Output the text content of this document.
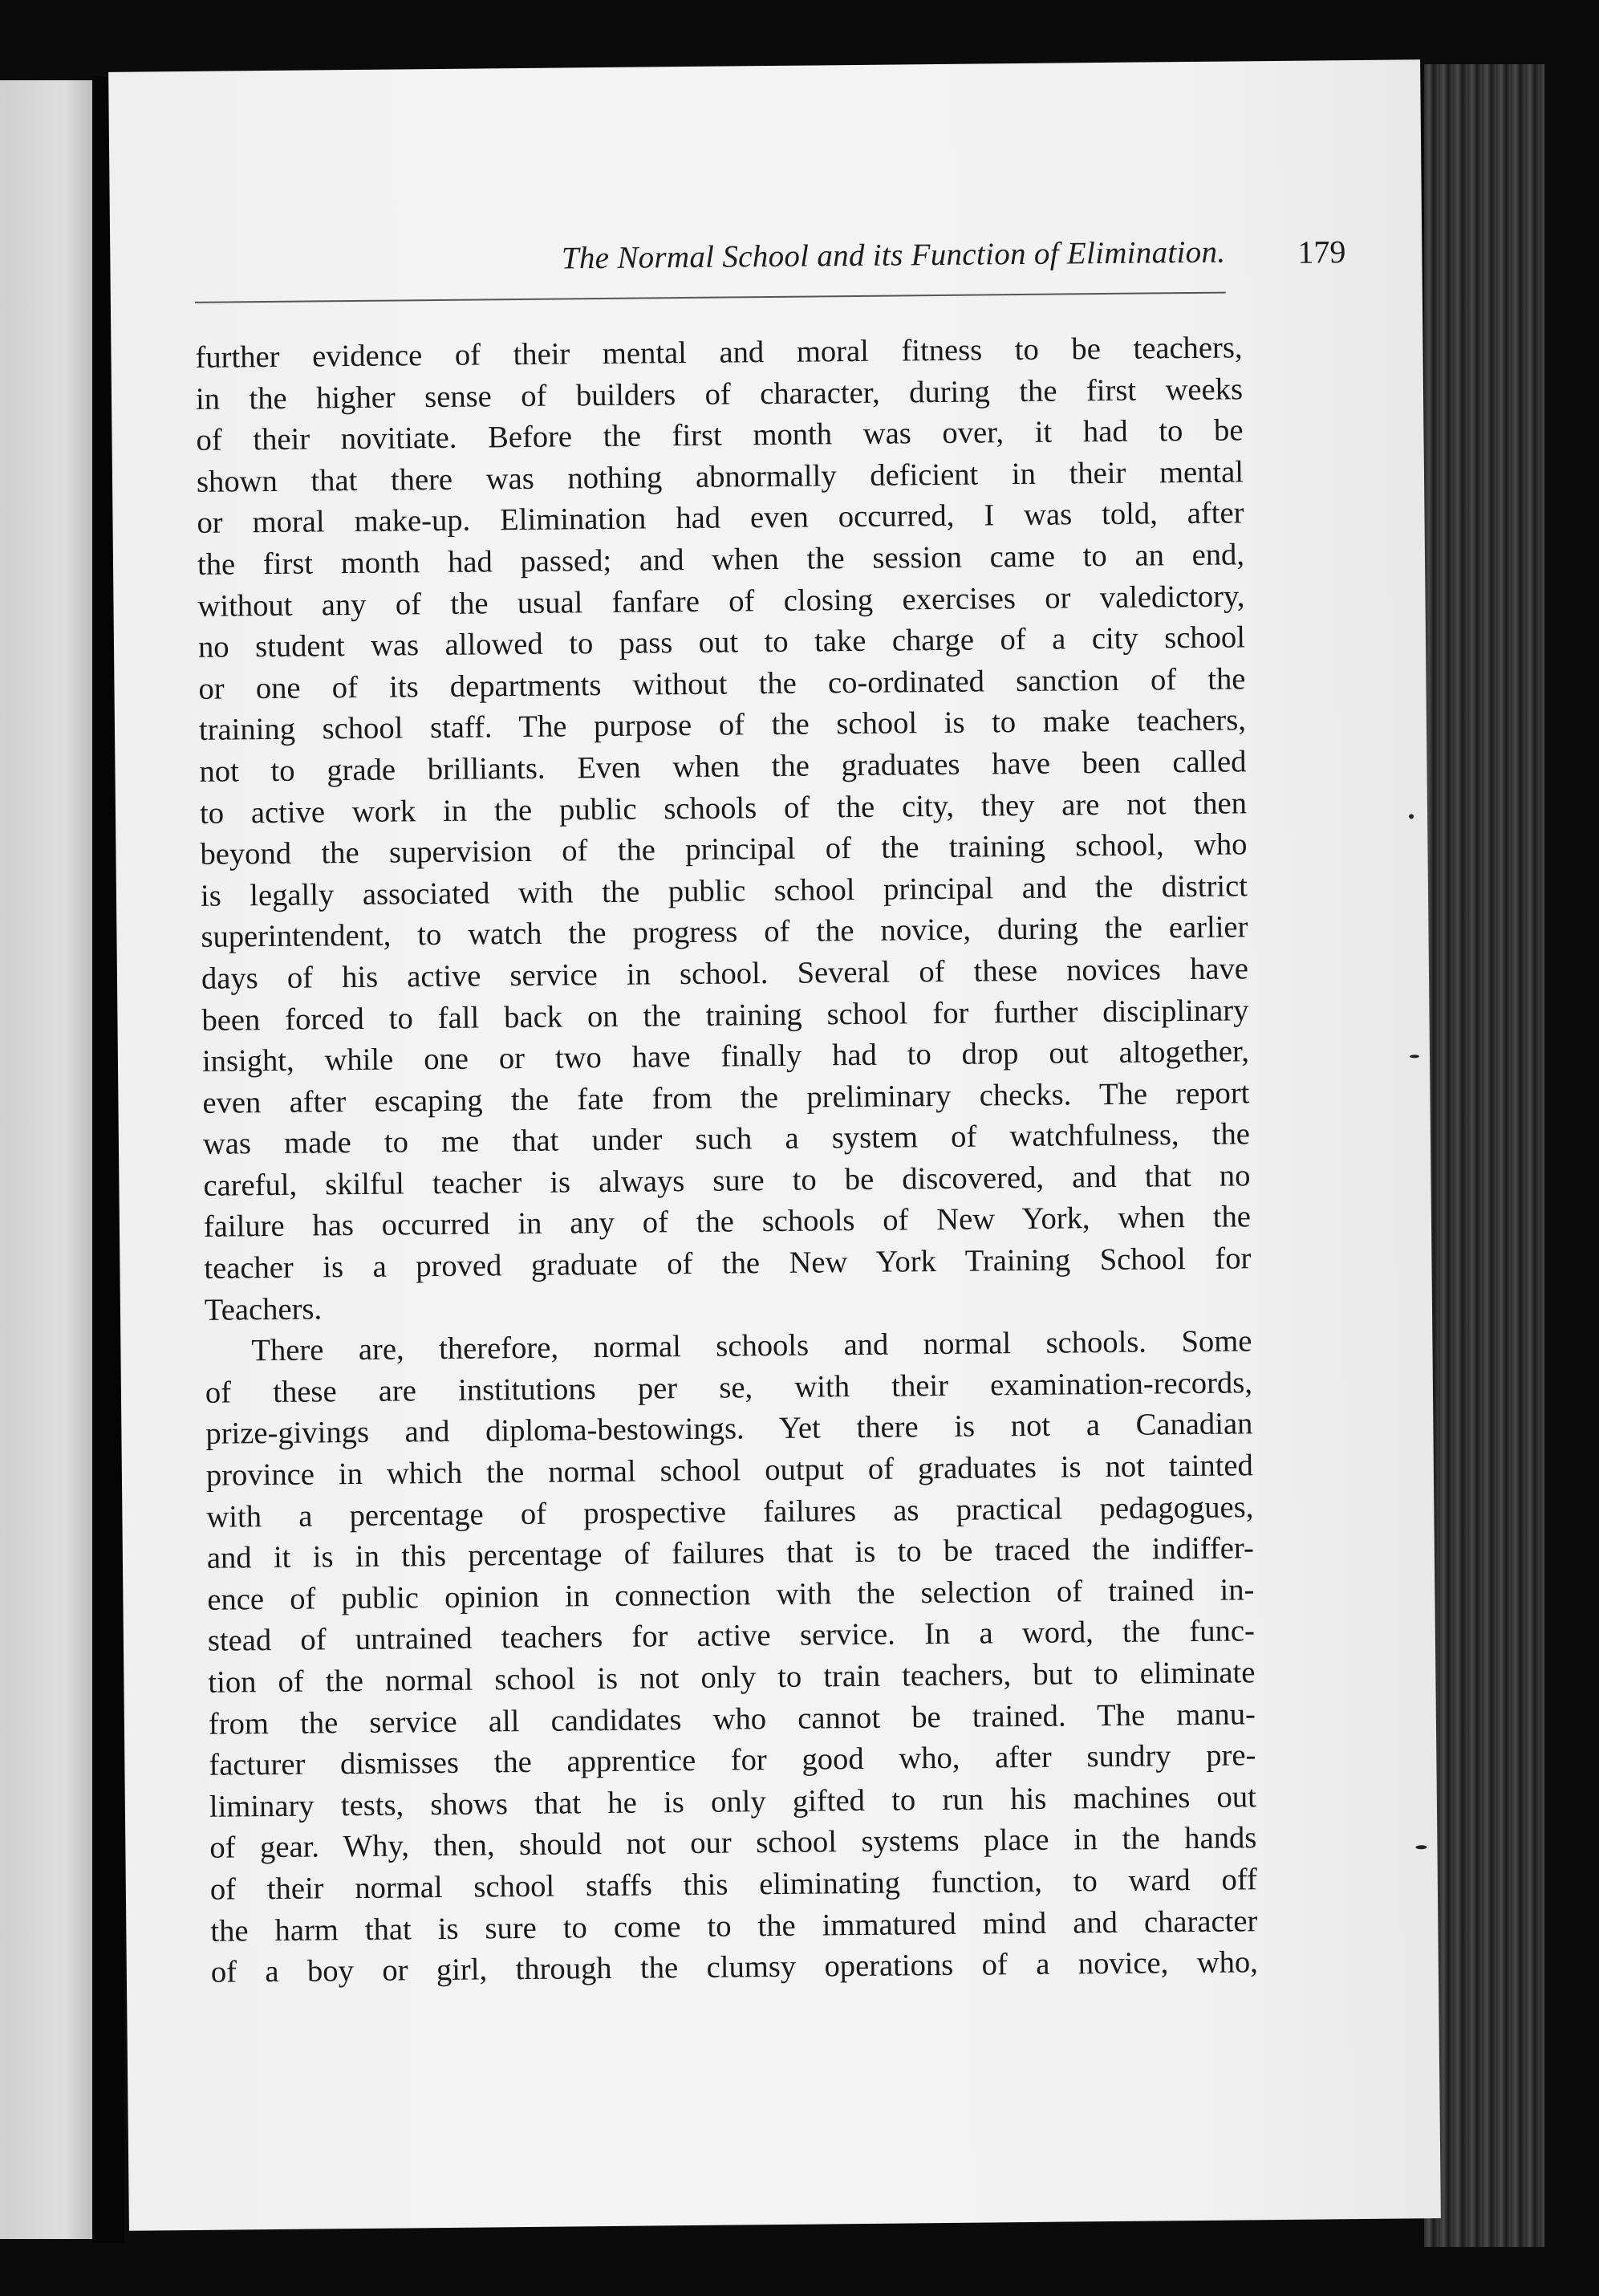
The Normal School and its Function of Elimination.	179
further evidence of their mental and moral fitness to be teachers,
in the higher sense of builders of character, during the first weeks
of their novitiate. Before the first month was over, it had to be
shown that there was nothing abnormally deficient in their mental
or moral make-up. Elimination had even occurred, I was told, after
the first month had passed; and when the session came to an end,
without any of the usual fanfare of closing exercises or valedictory,
no student was allowed to pass out to take charge of a city school
or one of its departments without the co-ordinated sanction of the
training school staff. The purpose of the school is to make teachers,
not to grade brilliants. Even when the graduates have been called
to active work in the public schools of the city, they are not then
beyond the supervision of the principal of the training school, who
is legally associated with the public school principal and the district
superintendent, to watch the progress of the novice, during the earlier
days of his active service in school. Several of these novices have
been forced to fall back on the training school for further disciplinary
insight, while one or two have finally had to drop out altogether,
even after escaping the fate from the preliminary checks. The report
was made to me that under such a system of watchfulness, the
careful, skilful teacher is always sure to be discovered, and that no
failure has occurred in any of the schools of New York, when the
teacher is a proved graduate of the New York Training School for
Teachers.
There are, therefore, normal schools and normal schools. Some
of these are institutions per se, with their examination-records,
prize-givings and diploma-bestowings. Yet there is not a Canadian
province in which the normal school output of graduates is not tainted
with a percentage of prospective failures as practical pedagogues,
and it is in this percentage of failures that is to be traced the indiffer-
ence of public opinion in connection with the selection of trained in-
stead of untrained teachers for active service. In a word, the func-
tion of the normal school is not only to train teachers, but to eliminate
from the service all candidates who cannot be trained. The manu-
facturer dismisses the apprentice for good who, after sundry pre-
liminary tests, shows that he is only gifted to run his machines out
of gear. Why, then, should not our school systems place in the hands
of their normal school staffs this eliminating function, to ward off
the harm that is sure to come to the immatured mind and character
of a boy or girl, through the clumsy operations of a novice, who,
